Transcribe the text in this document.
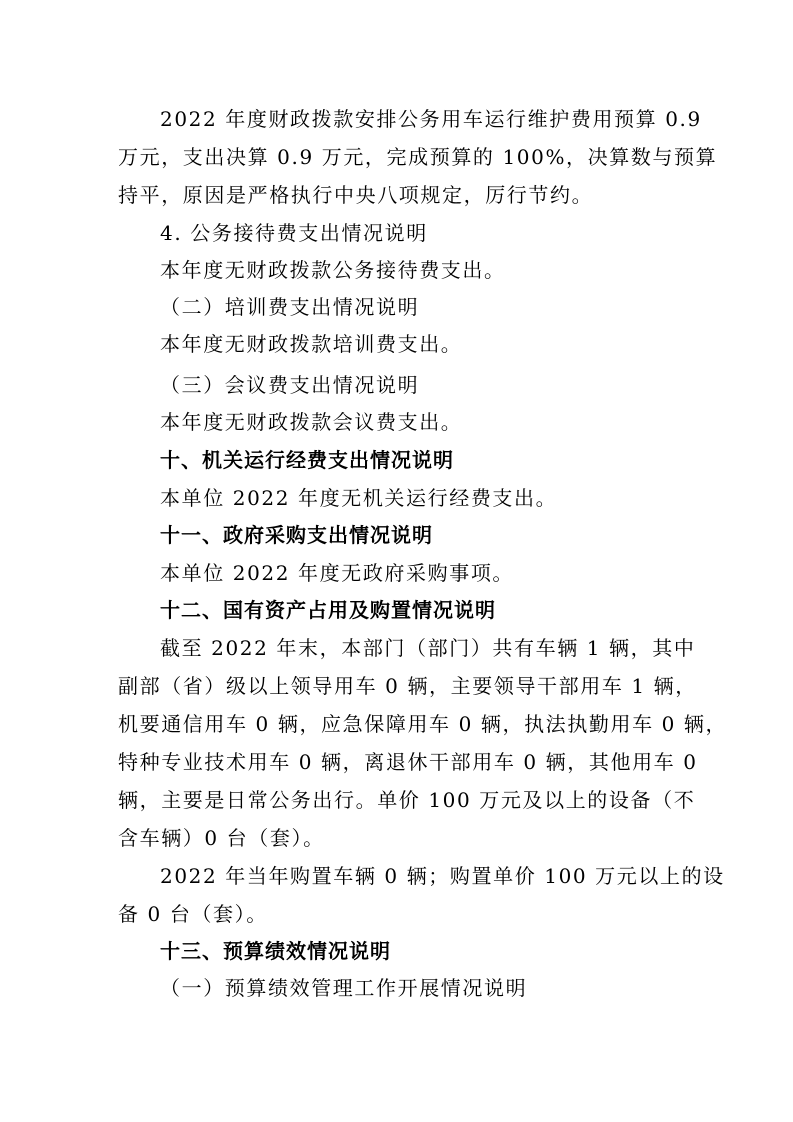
2022 年度财政拨款安排公务用车运行维护费用预算 0.9
万元，支出决算 0.9 万元，完成预算的 100%，决算数与预算
持平，原因是严格执行中央八项规定，厉行节约。
4. 公务接待费支出情况说明
本年度无财政拨款公务接待费支出。
（二）培训费支出情况说明
本年度无财政拨款培训费支出。
（三）会议费支出情况说明
本年度无财政拨款会议费支出。
十、机关运行经费支出情况说明
本单位 2022 年度无机关运行经费支出。
十一、政府采购支出情况说明
本单位 2022 年度无政府采购事项。
十二、国有资产占用及购置情况说明
截至 2022 年末，本部门（部门）共有车辆 1 辆，其中
副部（省）级以上领导用车 0 辆，主要领导干部用车 1 辆，
机要通信用车 0 辆，应急保障用车 0 辆，执法执勤用车 0 辆，
特种专业技术用车 0 辆，离退休干部用车 0 辆，其他用车 0
辆，主要是日常公务出行。单价 100 万元及以上的设备（不
含车辆）0 台（套）。
2022 年当年购置车辆 0 辆；购置单价 100 万元以上的设
备 0 台（套）。
十三、预算绩效情况说明
（一）预算绩效管理工作开展情况说明
